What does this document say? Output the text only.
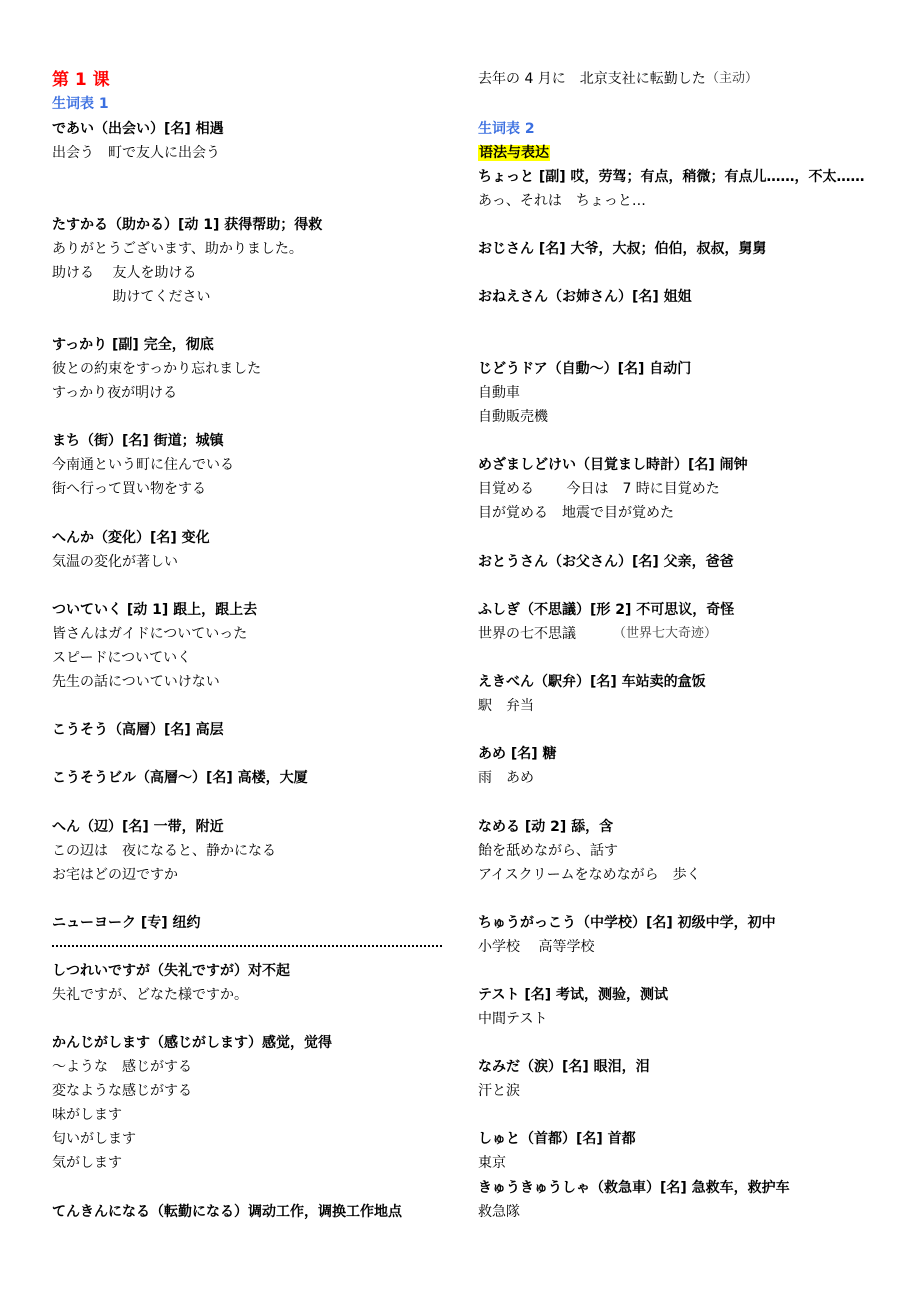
第 1 课
生词表 1
であい（出会い）[名] 相遇
出会う　町で友人に出会う
たすかる（助かる）[动 1] 获得帮助；得救
ありがとうございます、助かりました。
助ける　 友人を助ける
　　　　 助けてください
すっかり [副] 完全，彻底
彼との約束をすっかり忘れました
すっかり夜が明ける
まち（街）[名] 街道；城镇
今南通という町に住んでいる
街へ行って買い物をする
へんか（変化）[名] 变化
気温の変化が著しい
ついていく [动 1] 跟上，跟上去
皆さんはガイドについていった
スピードについていく
先生の話についていけない
こうそう（高層）[名] 高层
こうそうビル（高層～）[名] 高楼，大厦
へん（辺）[名] 一带，附近
この辺は　夜になると、静かになる
お宅はどの辺ですか
ニューヨーク [专] 纽约
しつれいですが（失礼ですが）对不起
失礼ですが、どなた様ですか。
かんじがします（感じがします）感觉，觉得
～ような　感じがする
変なような感じがする
味がします
匂いがします
気がします
てんきんになる（転勤になる）调动工作，调换工作地点
去年の 4 月に　北京支社に転勤した
生词表 2
语法与表达
ちょっと [副] 哎，劳驾；有点，稍微；有点儿……，不太……
あっ、それは　ちょっと…
おじさん [名] 大爷，大叔；伯伯，叔叔，舅舅
おねえさん（お姉さん）[名] 姐姐
じどうドア（自動～）[名] 自动门
自動車
自動販売機
めざましどけい（目覚まし時計）[名] 闹钟
目覚める　　 今日は　7 時に目覚めた
目が覚める　地震で目が覚めた
おとうさん（お父さん）[名] 父亲，爸爸
ふしぎ（不思議）[形 2] 不可思议，奇怪
世界の七不思議
えきべん（駅弁）[名] 车站卖的盒饭
駅　弁当
あめ [名] 糖
雨　あめ
なめる [动 2] 舔，含
飴を舐めながら、話す
アイスクリームをなめながら　歩く
ちゅうがっこう（中学校）[名] 初级中学，初中
小学校　 高等学校
テスト [名] 考试，测验，测试
中間テスト
なみだ（涙）[名] 眼泪，泪
汗と涙
しゅと（首都）[名] 首都
東京
きゅうきゅうしゃ（救急車）[名] 急救车，救护车
救急隊
（主动）
（世界七大奇迹）
